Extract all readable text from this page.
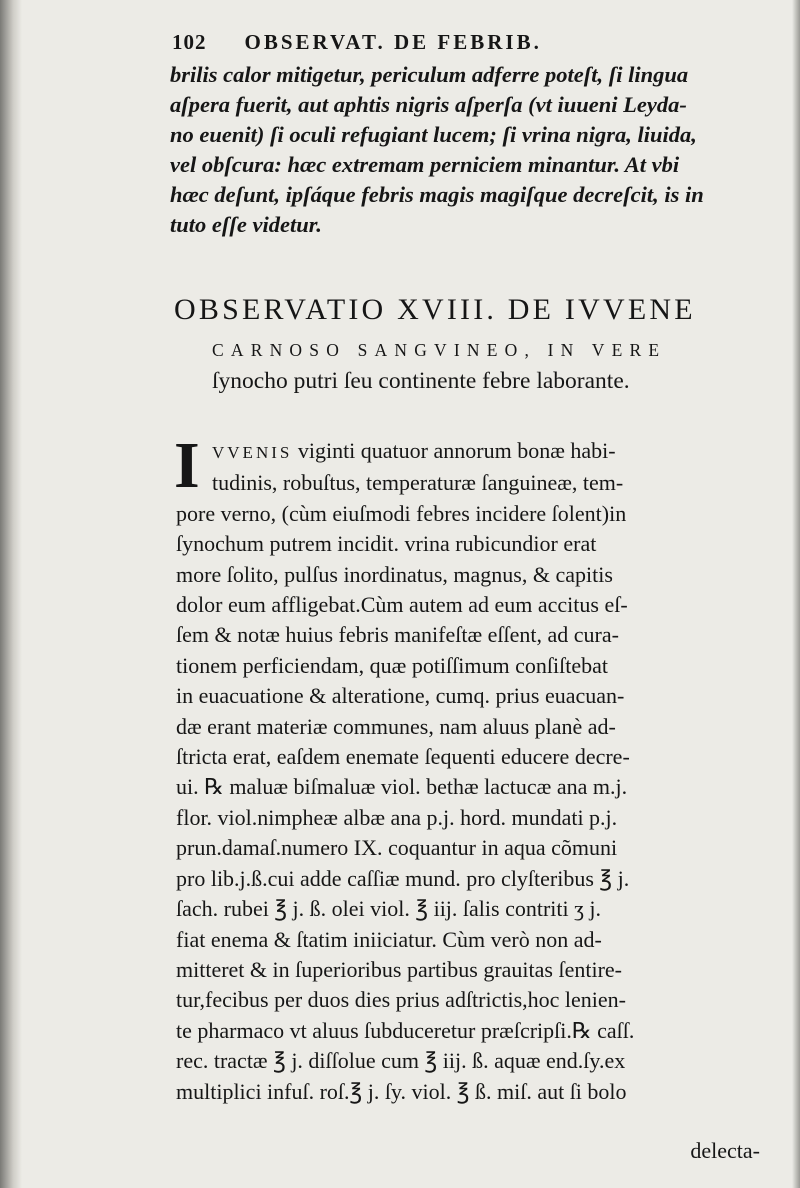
102 OBSERVAT. DE FEBRIB.
brilis calor mitigetur, periculum adferre poteſt, ſi lingua
aſpera fuerit, aut aphtis nigris aſperſa (vt iuueni Leyda-
no euenit) ſi oculi refugiant lucem; ſi vrina nigra, liuida,
vel obſcura: hæc extremam perniciem minantur. At vbi
hæc deſunt, ipſáque febris magis magiſque decreſcit, is in
tuto eſſe videtur.
OBSERVATIO XVIII. DE IVVENE
CARNOSO SANGVINEO, IN VERE
ſynocho putri ſeu continente febre laborante.
I VVENIS viginti quatuor annorum bonæ habi-
tudinis, robuſtus, temperaturæ ſanguineæ, tem-
pore verno, (cùm eiuſmodi febres incidere ſolent)in
ſynochum putrem incidit. vrina rubicundior erat
more ſolito, pulſus inordinatus, magnus, & capitis
dolor eum affligebat.Cùm autem ad eum accitus eſ-
ſem & notæ huius febris manifeſtæ eſſent, ad cura-
tionem perficiendam, quæ potiſſimum conſiſtebat
in euacuatione & alteratione, cumq. prius euacuan-
dæ erant materiæ communes, nam aluus planè ad-
ſtricta erat, eaſdem enemate ſequenti educere decre-
ui. ℞ maluæ biſmaluæ viol. bethæ lactucæ ana m.j.
flor. viol.nimpheæ albæ ana p.j. hord. mundati p.j.
prun.damaſ.numero IX. coquantur in aqua cõmuni
pro lib.j.ß.cui adde caſſiæ mund. pro clyſteribus ℥ j.
ſach. rubei ℥ j. ß. olei viol. ℥ iij. ſalis contriti ʒ j.
fiat enema & ſtatim iniiciatur. Cùm verò non ad-
mitteret & in ſuperioribus partibus grauitas ſentire-
tur,fecibus per duos dies prius adſtrictis,hoc lenien-
te pharmaco vt aluus ſubduceretur præſcripſi.℞ caſſ.
rec. tractæ ℥ j. diſſolue cum ℥ iij. ß. aquæ end.ſy.ex
multiplici infuſ. roſ.℥ j. ſy. viol. ℥ ß. miſ. aut ſi bolo
delecta-
